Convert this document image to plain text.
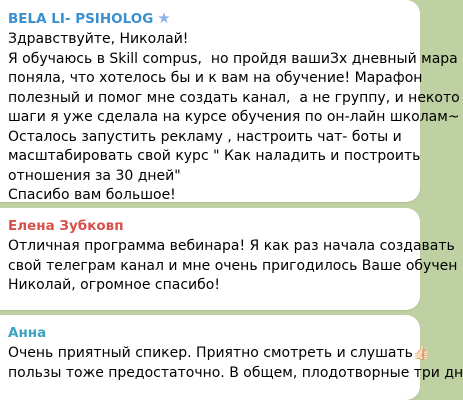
BELA LI- PSIHOLOG ★
Здравствуйте, Николай!
Я обучаюсь в Skill compus,  но пройдя вашиЗх дневный мара
поняла, что хотелось бы и к вам на обучение! Марафон
полезный и помог мне создать канал,  а не группу, и некото
шаги я уже сделала на курсе обучения по он-лайн школам~
Осталось запустить рекламу , настроить чат- боты и
масштабировать свой курс " Как наладить и построить
отношения за 30 дней"
Спасибо вам большое!
Елена Зубковп
Отличная программа вебинара! Я как раз начала создавать
свой телеграм канал и мне очень пригодилось Ваше обучен
Николай, огромное спасибо!
Анна
Очень приятный спикер. Приятно смотреть и слушать👍🏻
пользы тоже предостаточно. В общем, плодотворные три дн
